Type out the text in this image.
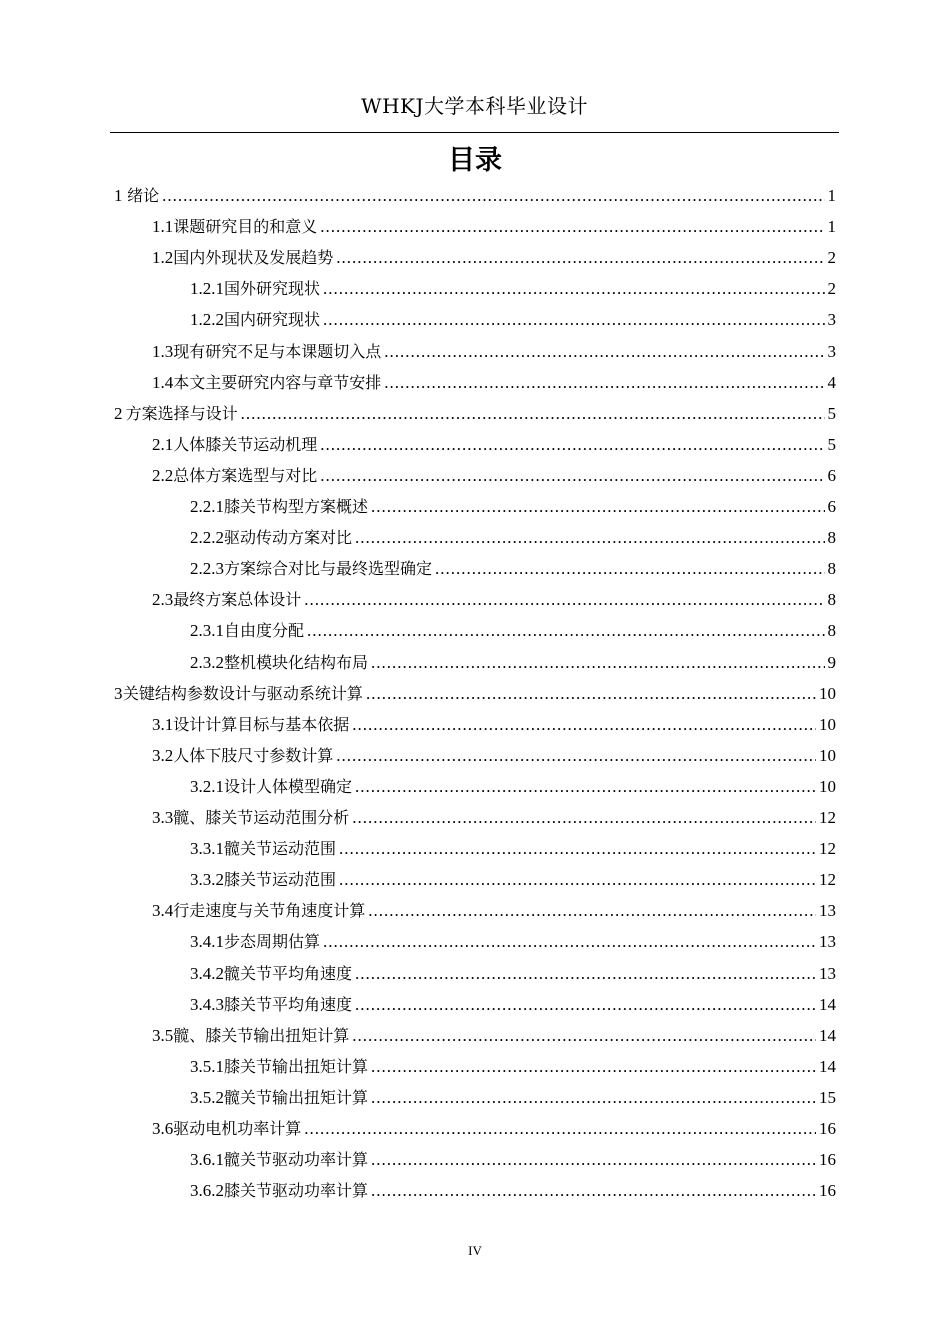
WHKJ大学本科毕业设计
目录
1 绪论 .....	1
1.1 课题研究目的和意义 .....	1
1.2 国内外现状及发展趋势 .....	2
1.2.1 国外研究现状 .....	2
1.2.2 国内研究现状 .....	3
1.3 现有研究不足与本课题切入点 .....	3
1.4 本文主要研究内容与章节安排 .....	4
2 方案选择与设计 .....	5
2.1 人体膝关节运动机理 .....	5
2.2 总体方案选型与对比 .....	6
2.2.1 膝关节构型方案概述 .....	6
2.2.2 驱动传动方案对比 .....	8
2.2.3 方案综合对比与最终选型确定 .....	8
2.3 最终方案总体设计 .....	8
2.3.1 自由度分配 .....	8
2.3.2 整机模块化结构布局 .....	9
3 关键结构参数设计与驱动系统计算 .....	10
3.1 设计计算目标与基本依据 .....	10
3.2 人体下肢尺寸参数计算 .....	10
3.2.1 设计人体模型确定 .....	10
3.3 髋、膝关节运动范围分析 .....	12
3.3.1 髋关节运动范围 .....	12
3.3.2 膝关节运动范围 .....	12
3.4 行走速度与关节角速度计算 .....	13
3.4.1 步态周期估算 .....	13
3.4.2 髋关节平均角速度 .....	13
3.4.3 膝关节平均角速度 .....	14
3.5 髋、膝关节输出扭矩计算 .....	14
3.5.1 膝关节输出扭矩计算 .....	14
3.5.2 髋关节输出扭矩计算 .....	15
3.6 驱动电机功率计算 .....	16
3.6.1 髋关节驱动功率计算 .....	16
3.6.2 膝关节驱动功率计算 .....	16
IV
